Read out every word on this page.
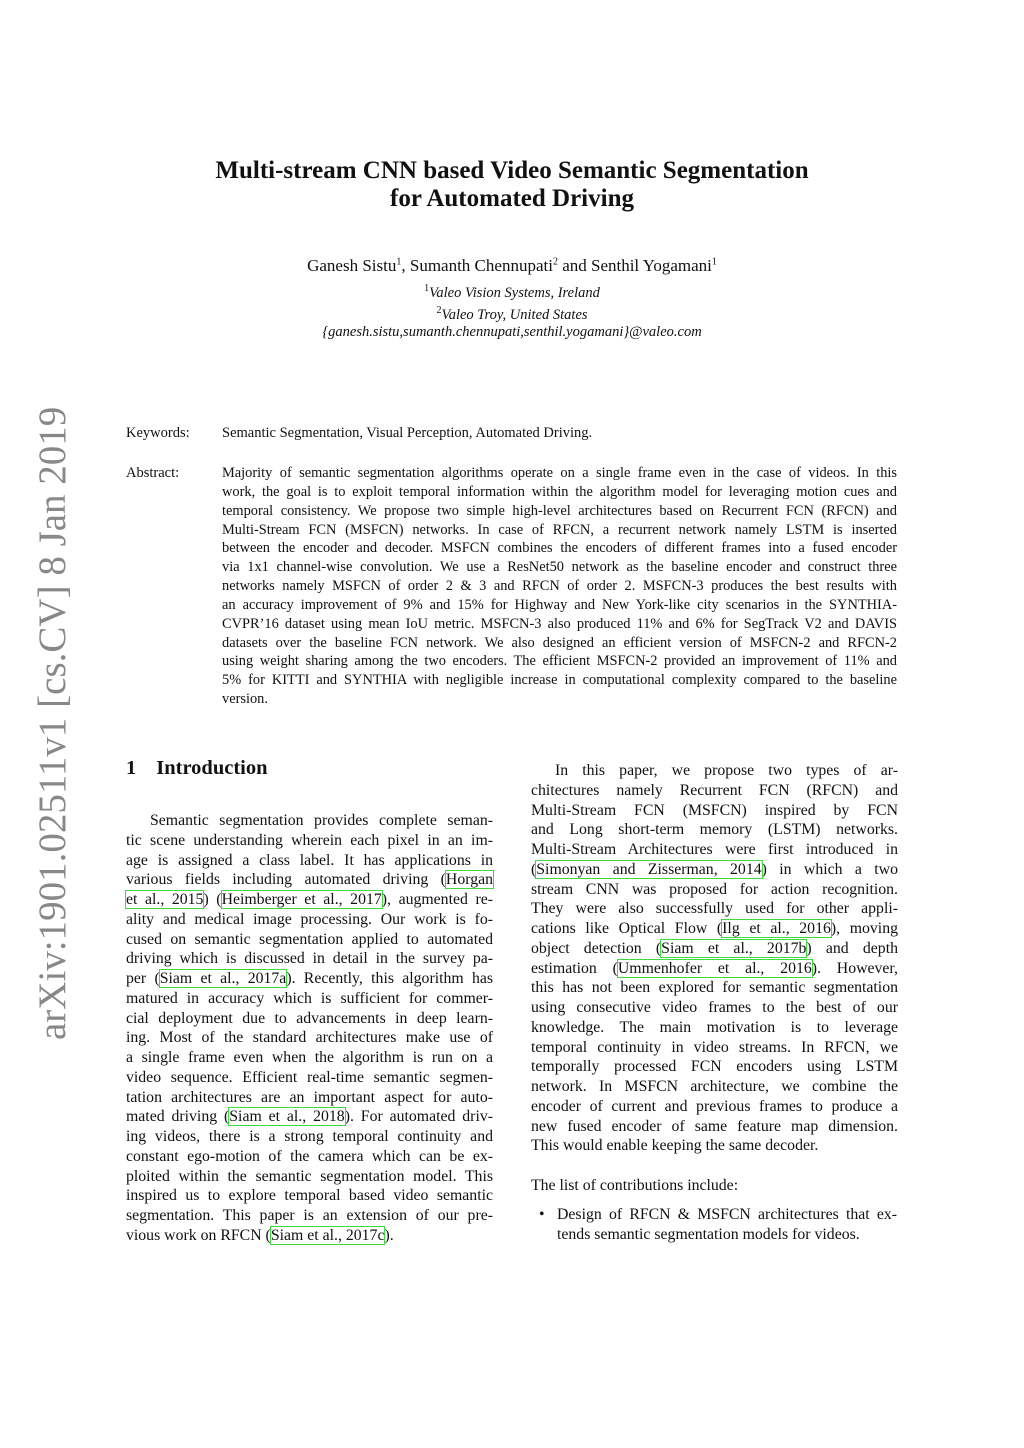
arXiv:1901.02511v1 [cs.CV] 8 Jan 2019
Multi-stream CNN based Video Semantic Segmentation
for Automated Driving
Ganesh Sistu$^1$, Sumanth Chennupati$^2$ and Senthil Yogamani$^1$
$^1$Valeo Vision Systems, Ireland
$^2$Valeo Troy, United States
{ganesh.sistu,sumanth.chennupati,senthil.yogamani}@valeo.com
Keywords: Semantic Segmentation, Visual Perception, Automated Driving.
Abstract:	Majority of semantic segmentation algorithms operate on a single frame even in the case of videos. In this
work, the goal is to exploit temporal information within the algorithm model for leveraging motion cues and
temporal consistency. We propose two simple high-level architectures based on Recurrent FCN (RFCN) and
Multi-Stream FCN (MSFCN) networks. In case of RFCN, a recurrent network namely LSTM is inserted
between the encoder and decoder. MSFCN combines the encoders of different frames into a fused encoder
via 1x1 channel-wise convolution. We use a ResNet50 network as the baseline encoder and construct three
networks namely MSFCN of order 2 & 3 and RFCN of order 2. MSFCN-3 produces the best results with
an accuracy improvement of 9% and 15% for Highway and New York-like city scenarios in the SYNTHIA-
CVPR’16 dataset using mean IoU metric. MSFCN-3 also produced 11% and 6% for SegTrack V2 and DAVIS
datasets over the baseline FCN network. We also designed an efficient version of MSFCN-2 and RFCN-2
using weight sharing among the two encoders. The efficient MSFCN-2 provided an improvement of 11% and
5% for KITTI and SYNTHIA with negligible increase in computational complexity compared to the baseline
version.
1 Introduction
Semantic segmentation provides complete seman-
tic scene understanding wherein each pixel in an im-
age is assigned a class label. It has applications in
various fields including automated driving (Horgan
et al., 2015) (Heimberger et al., 2017), augmented re-
ality and medical image processing. Our work is fo-
cused on semantic segmentation applied to automated
driving which is discussed in detail in the survey pa-
per (Siam et al., 2017a). Recently, this algorithm has
matured in accuracy which is sufficient for commer-
cial deployment due to advancements in deep learn-
ing. Most of the standard architectures make use of
a single frame even when the algorithm is run on a
video sequence. Efficient real-time semantic segmen-
tation architectures are an important aspect for auto-
mated driving (Siam et al., 2018). For automated driv-
ing videos, there is a strong temporal continuity and
constant ego-motion of the camera which can be ex-
ploited within the semantic segmentation model. This
inspired us to explore temporal based video semantic
segmentation. This paper is an extension of our pre-
vious work on RFCN (Siam et al., 2017c).
In this paper, we propose two types of ar-
chitectures namely Recurrent FCN (RFCN) and
Multi-Stream FCN (MSFCN) inspired by FCN
and Long short-term memory (LSTM) networks.
Multi-Stream Architectures were first introduced in
(Simonyan and Zisserman, 2014) in which a two
stream CNN was proposed for action recognition.
They were also successfully used for other appli-
cations like Optical Flow (Ilg et al., 2016), moving
object detection (Siam et al., 2017b) and depth
estimation (Ummenhofer et al., 2016). However,
this has not been explored for semantic segmentation
using consecutive video frames to the best of our
knowledge. The main motivation is to leverage
temporal continuity in video streams. In RFCN, we
temporally processed FCN encoders using LSTM
network. In MSFCN architecture, we combine the
encoder of current and previous frames to produce a
new fused encoder of same feature map dimension.
This would enable keeping the same decoder.
The list of contributions include:
• Design of RFCN & MSFCN architectures that ex-
tends semantic segmentation models for videos.
